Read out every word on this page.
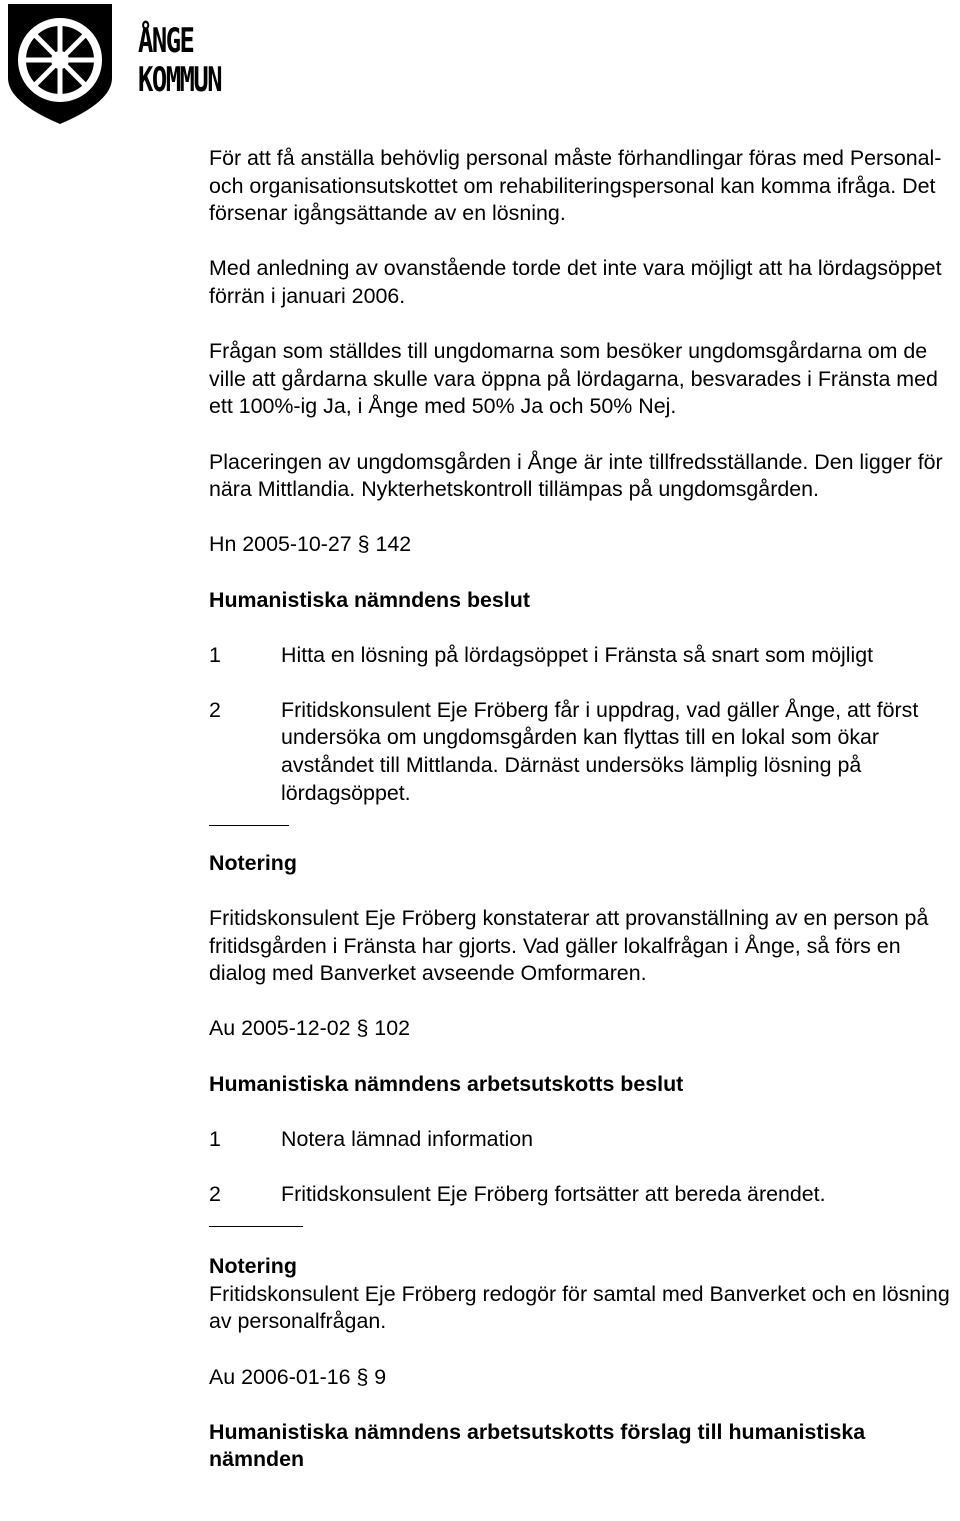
ÅNGE
KOMMUN

För att få anställa behövlig personal måste förhandlingar föras med Personal- och organisationsutskottet om rehabiliteringspersonal kan komma ifråga. Det försenar igångsättande av en lösning.

Med anledning av ovanstående torde det inte vara möjligt att ha lördagsöppet förrän i januari 2006.

Frågan som ställdes till ungdomarna som besöker ungdomsgårdarna om de ville att gårdarna skulle vara öppna på lördagarna, besvarades i Fränsta med ett 100%-ig Ja, i Ånge med 50% Ja och 50% Nej.

Placeringen av ungdomsgården i Ånge är inte tillfredsställande. Den ligger för nära Mittlandia. Nykterhetskontroll tillämpas på ungdomsgården.

Hn 2005-10-27 § 142

Humanistiska nämndens beslut

1	Hitta en lösning på lördagsöppet i Fränsta så snart som möjligt
2	Fritidskonsulent Eje Fröberg får i uppdrag, vad gäller Ånge, att först undersöka om ungdomsgården kan flyttas till en lokal som ökar avståndet till Mittlanda. Därnäst undersöks lämplig lösning på lördagsöppet.

Notering

Fritidskonsulent Eje Fröberg konstaterar att provanställning av en person på fritidsgården i Fränsta har gjorts. Vad gäller lokalfrågan i Ånge, så förs en dialog med Banverket avseende Omformaren.

Au 2005-12-02 § 102

Humanistiska nämndens arbetsutskotts beslut

1	Notera lämnad information
2	Fritidskonsulent Eje Fröberg fortsätter att bereda ärendet.

Notering

Fritidskonsulent Eje Fröberg redogör för samtal med Banverket och en lösning av personalfrågan.

Au 2006-01-16 § 9

Humanistiska nämndens arbetsutskotts förslag till humanistiska nämnden
